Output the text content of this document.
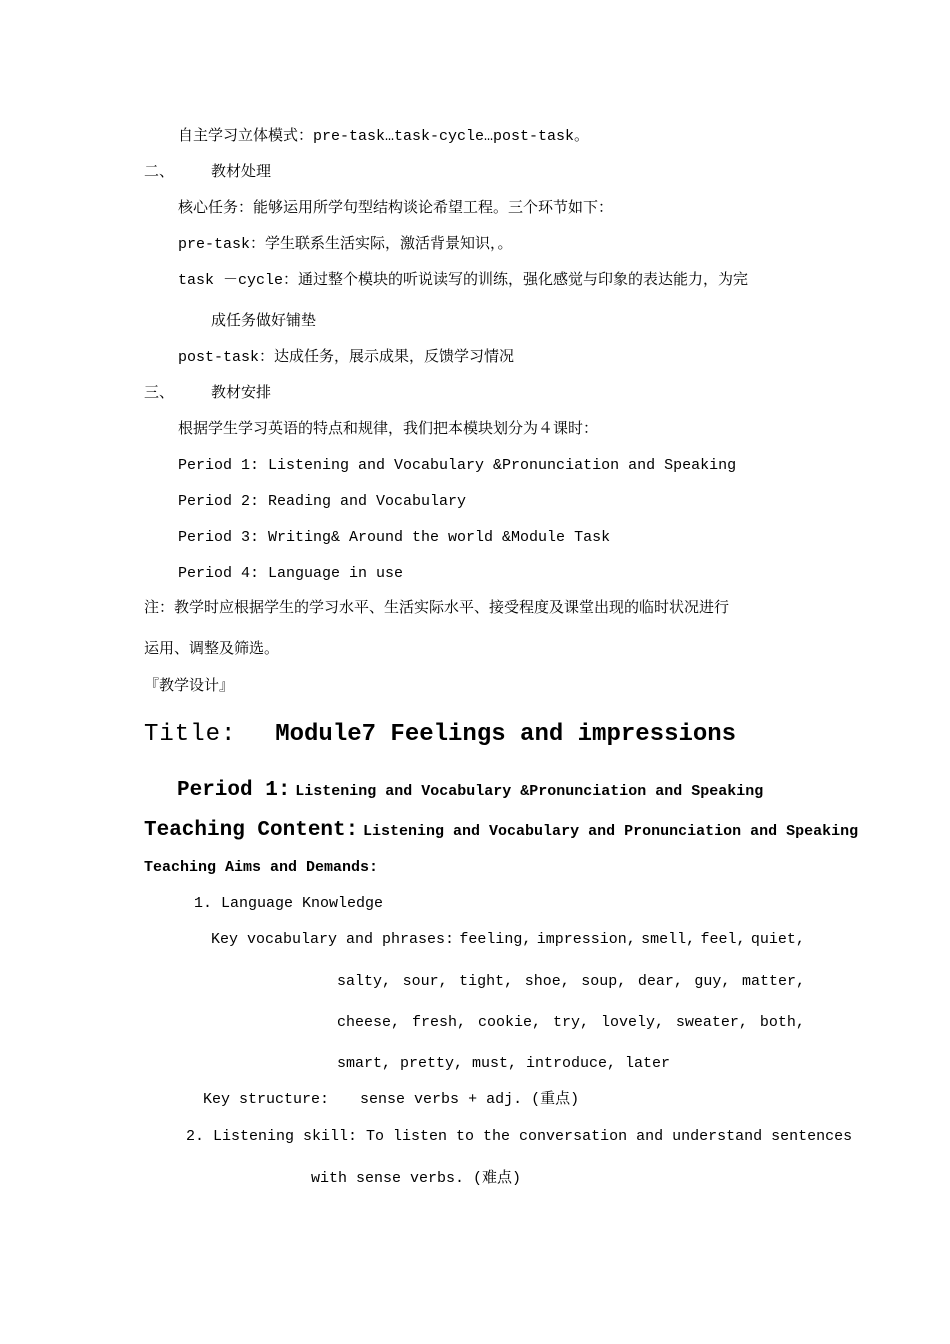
自主学习立体模式：pre-task…task-cycle…post-task。
二、 教材处理
核心任务：能够运用所学句型结构谈论希望工程。三个环节如下：
pre-task：学生联系生活实际，激活背景知识，。
task －cycle：通过整个模块的听说读写的训练，强化感觉与印象的表达能力，为完
成任务做好铺垫
post-task：达成任务，展示成果，反馈学习情况
三、 教材安排
根据学生学习英语的特点和规律，我们把本模块划分为４课时：
Period 1: Listening and Vocabulary &Pronunciation and Speaking
Period 2: Reading and Vocabulary
Period 3: Writing& Around the world &Module Task
Period 4: Language in use
注：教学时应根据学生的学习水平、生活实际水平、接受程度及课堂出现的临时状况进行
运用、调整及筛选。
『教学设计』
Title: Module7 Feelings and impressions
Period 1: Listening and Vocabulary &Pronunciation and Speaking
Teaching Content: Listening and Vocabulary and Pronunciation and Speaking
Teaching Aims and Demands:
1. Language Knowledge
Key vocabulary and phrases: feeling, impression, smell, feel, quiet,
salty, sour, tight, shoe, soup, dear, guy, matter,
cheese, fresh, cookie, try, lovely, sweater, both,
smart, pretty, must, introduce, later
Key structure: sense verbs + adj. (重点)
2. Listening skill: To listen to the conversation and understand sentences
with sense verbs. (难点)
